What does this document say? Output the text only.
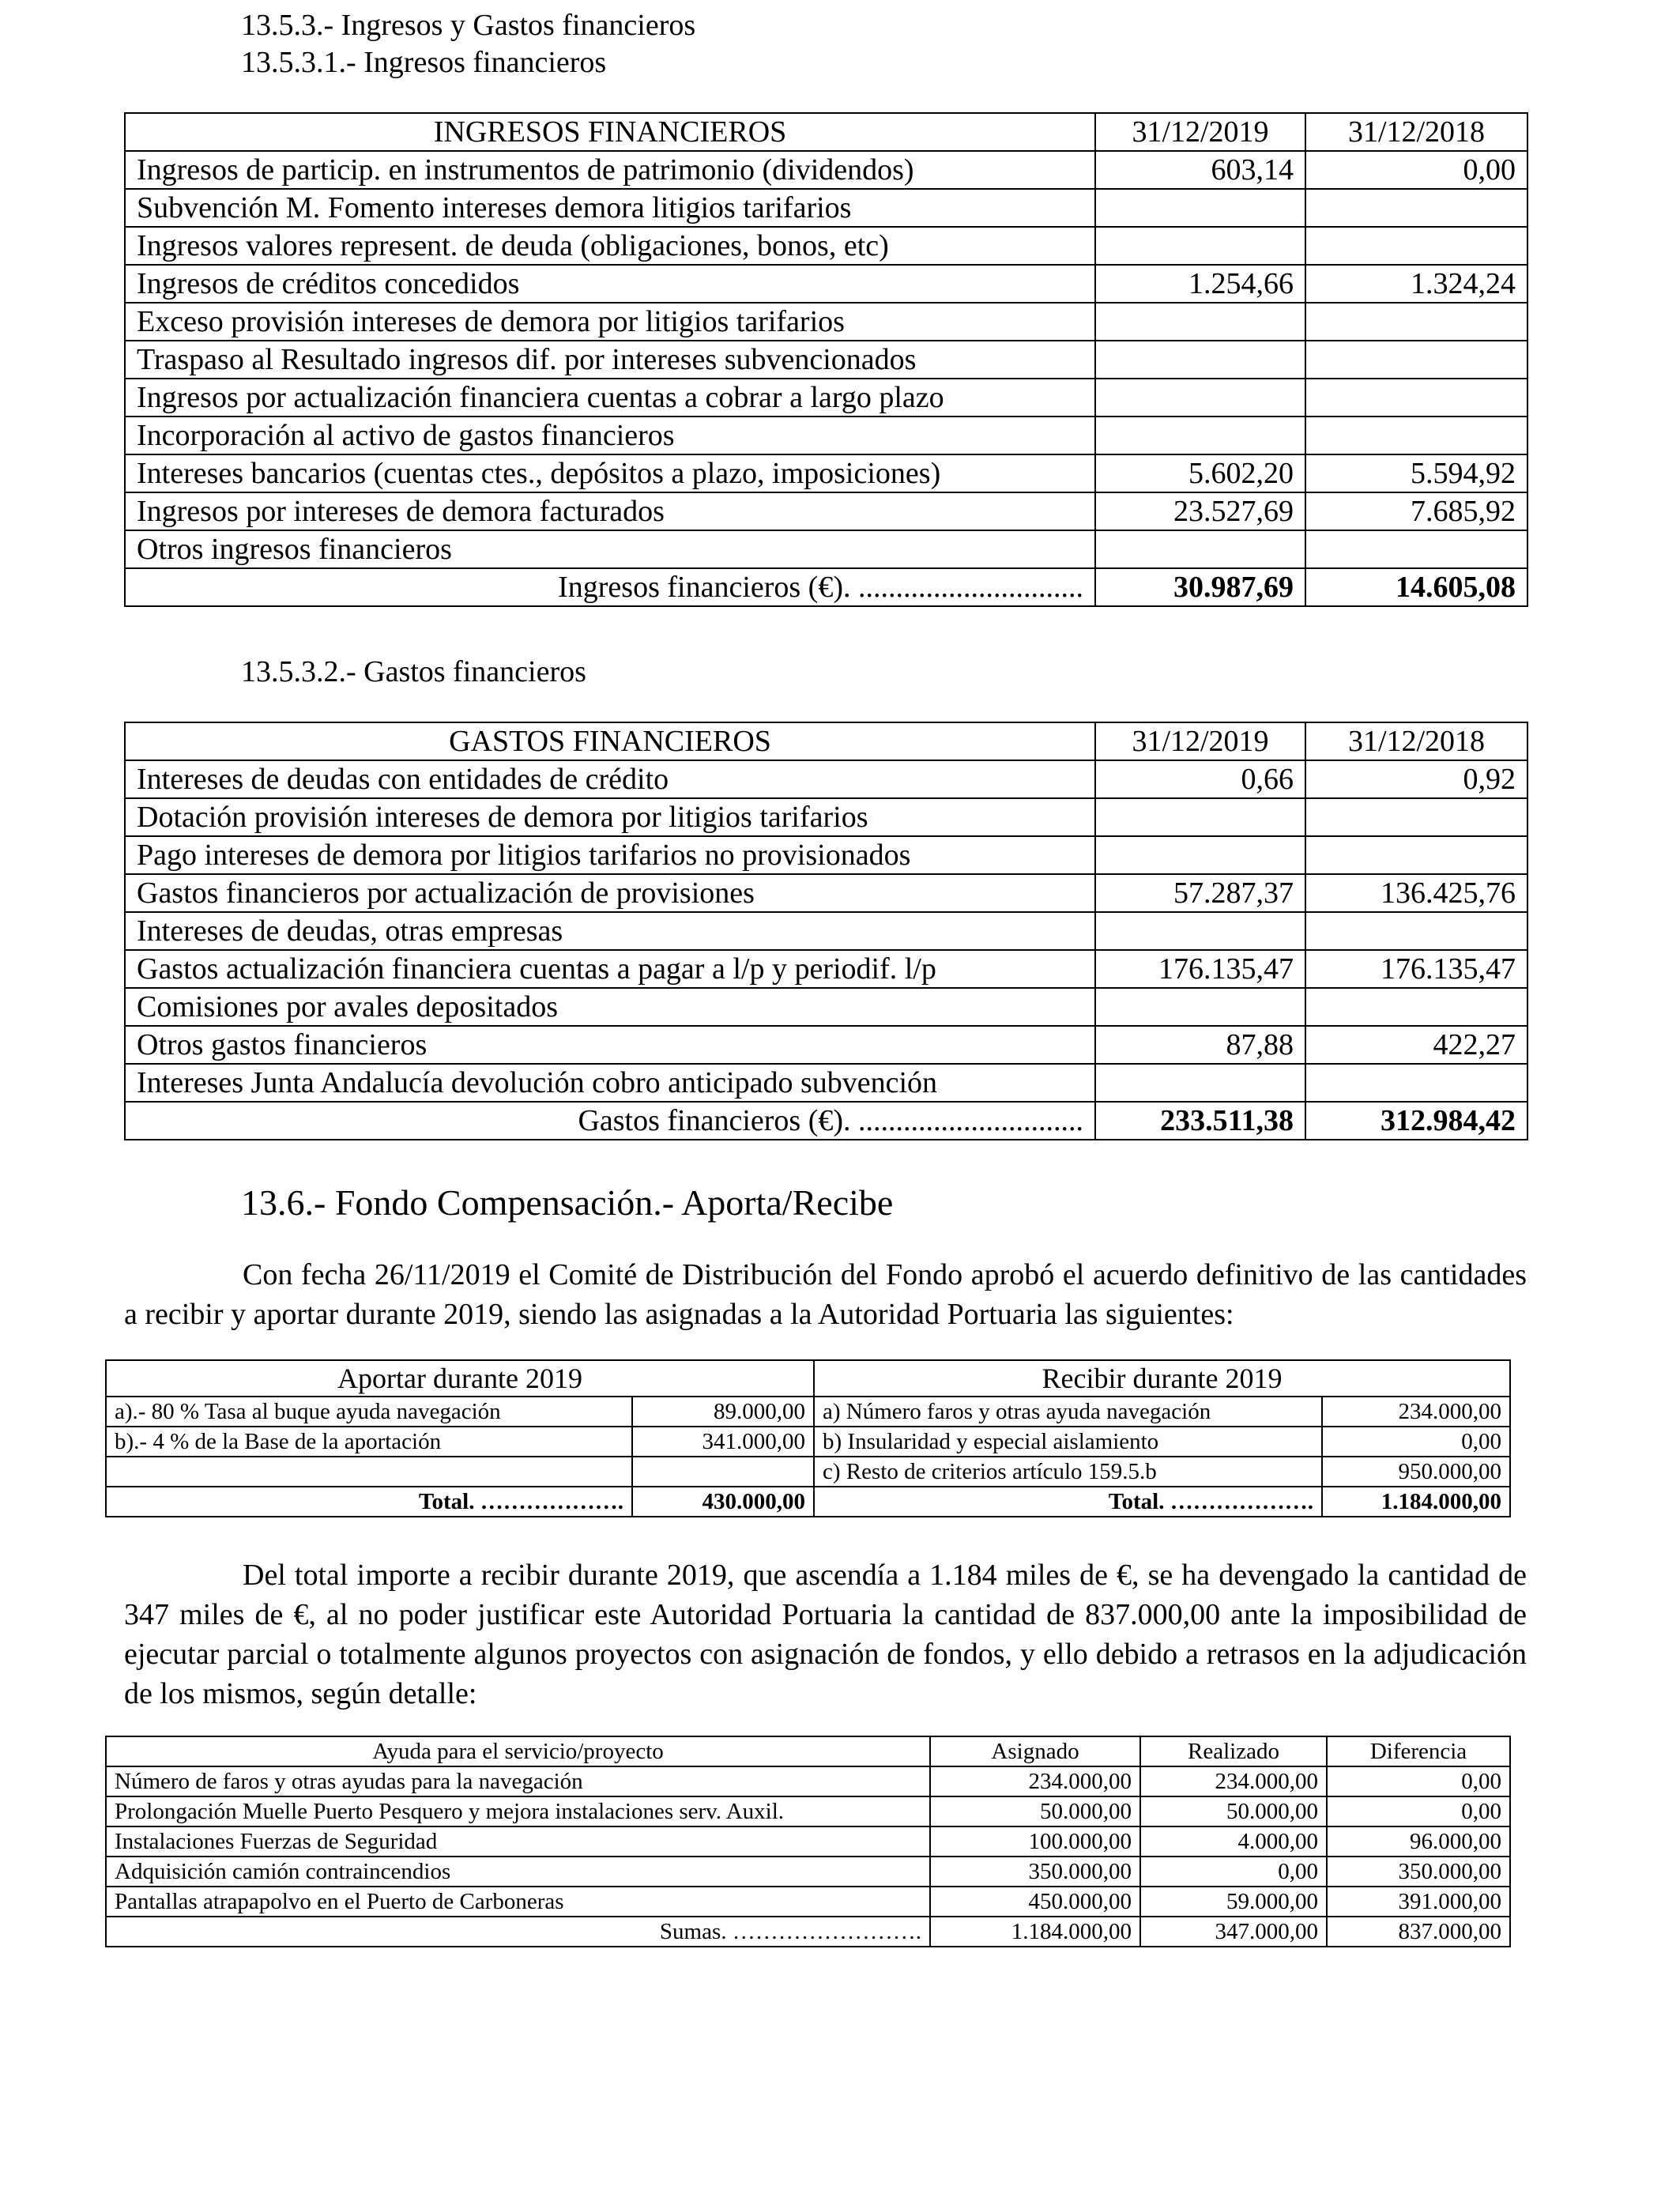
13.5.3.- Ingresos y Gastos financieros
13.5.3.1.- Ingresos financieros
INGRESOS FINANCIEROS	31/12/2019	31/12/2018
Ingresos de particip. en instrumentos de patrimonio (dividendos)	603,14	0,00
Subvención M. Fomento intereses demora litigios tarifarios		
Ingresos valores represent. de deuda (obligaciones, bonos, etc)		
Ingresos de créditos concedidos	1.254,66	1.324,24
Exceso provisión intereses de demora por litigios tarifarios		
Traspaso al Resultado ingresos dif. por intereses subvencionados		
Ingresos por actualización financiera cuentas a cobrar a largo plazo		
Incorporación al activo de gastos financieros		
Intereses bancarios (cuentas ctes., depósitos a plazo, imposiciones)	5.602,20	5.594,92
Ingresos por intereses de demora facturados	23.527,69	7.685,92
Otros ingresos financieros		
Ingresos financieros (€). ..............................	30.987,69	14.605,08
13.5.3.2.- Gastos financieros
GASTOS FINANCIEROS	31/12/2019	31/12/2018
Intereses de deudas con entidades de crédito	0,66	0,92
Dotación provisión intereses de demora por litigios tarifarios		
Pago intereses de demora por litigios tarifarios no provisionados		
Gastos financieros por actualización de provisiones	57.287,37	136.425,76
Intereses de deudas, otras empresas		
Gastos actualización financiera cuentas a pagar a l/p y periodif. l/p	176.135,47	176.135,47
Comisiones por avales depositados		
Otros gastos financieros	87,88	422,27
Intereses Junta Andalucía devolución cobro anticipado subvención		
Gastos financieros (€). ..............................	233.511,38	312.984,42
13.6.- Fondo Compensación.- Aporta/Recibe
Con fecha 26/11/2019 el Comité de Distribución del Fondo aprobó el acuerdo definitivo de las cantidades a recibir y aportar durante 2019, siendo las asignadas a la Autoridad Portuaria las siguientes:
Aportar durante 2019		Recibir durante 2019	
a).- 80 % Tasa al buque ayuda navegación	89.000,00	a) Número faros y otras ayuda navegación	234.000,00
b).- 4 % de la Base de la aportación	341.000,00	b) Insularidad y especial aislamiento	0,00
		c) Resto de criterios artículo 159.5.b	950.000,00
Total. ……………….	430.000,00	Total. ……………….	1.184.000,00
Del total importe a recibir durante 2019, que ascendía a 1.184 miles de €, se ha devengado la cantidad de 347 miles de €, al no poder justificar este Autoridad Portuaria la cantidad de 837.000,00 ante la imposibilidad de ejecutar parcial o totalmente algunos proyectos con asignación de fondos, y ello debido a retrasos en la adjudicación de los mismos, según detalle:
Ayuda para el servicio/proyecto	Asignado	Realizado	Diferencia
Número de faros y otras ayudas para la navegación	234.000,00	234.000,00	0,00
Prolongación Muelle Puerto Pesquero y mejora instalaciones serv. Auxil.	50.000,00	50.000,00	0,00
Instalaciones Fuerzas de Seguridad	100.000,00	4.000,00	96.000,00
Adquisición camión contraincendios	350.000,00	0,00	350.000,00
Pantallas atrapapolvo en el Puerto de Carboneras	450.000,00	59.000,00	391.000,00
Sumas. …………………….	1.184.000,00	347.000,00	837.000,00
